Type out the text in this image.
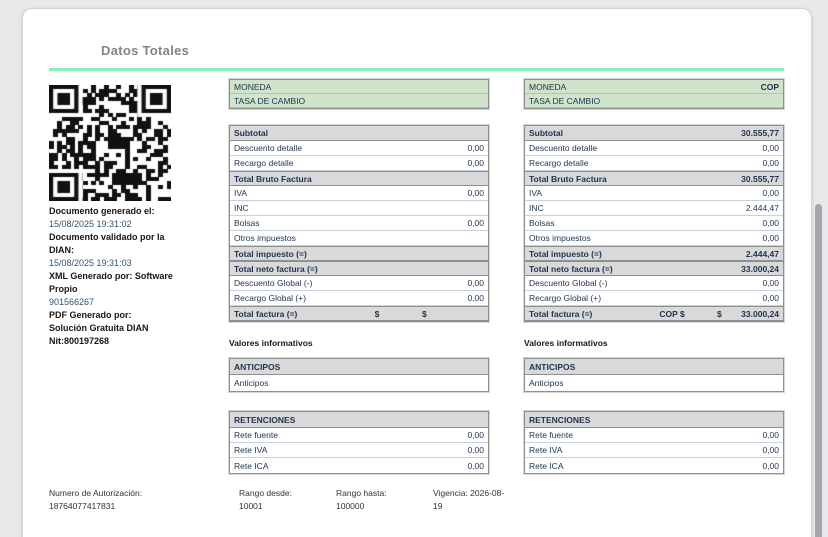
Datos Totales
Documento generado el:
15/08/2025 19:31:02
Documento validado por la DIAN:
15/08/2025 19:31:03
XML Generado por: Software Propio
901566267
PDF Generado por:
Solución Gratuita DIAN
Nit:800197268
MONEDA
TASA DE CAMBIO
Subtotal
Descuento detalle	0,00
Recargo detalle	0,00
Total Bruto Factura
IVA	0,00
INC
Bolsas	0,00
Otros impuestos
Total impuesto (=)
Total neto factura (=)
Descuento Global (-)	0,00
Recargo Global (+)	0,00
Total factura (=)	$	$
Valores informativos
ANTICIPOS
Anticipos
RETENCIONES
Rete fuente	0,00
Rete IVA	0,00
Rete ICA	0,00
MONEDA	COP
TASA DE CAMBIO
Subtotal	30.555,77
Descuento detalle	0,00
Recargo detalle	0,00
Total Bruto Factura	30.555,77
IVA	0,00
INC	2.444,47
Bolsas	0,00
Otros impuestos	0,00
Total impuesto (=)	2.444,47
Total neto factura (=)	33.000,24
Descuento Global (-)	0,00
Recargo Global (+)	0,00
Total factura (=)	COP $	$ 33.000,24
Valores informativos
ANTICIPOS
Anticipos
RETENCIONES
Rete fuente	0,00
Rete IVA	0,00
Rete ICA	0,00
Numero de Autorización:
18764077417831
Rango desde:
10001
Rango hasta:
100000
Vigencia: 2026-08-19
